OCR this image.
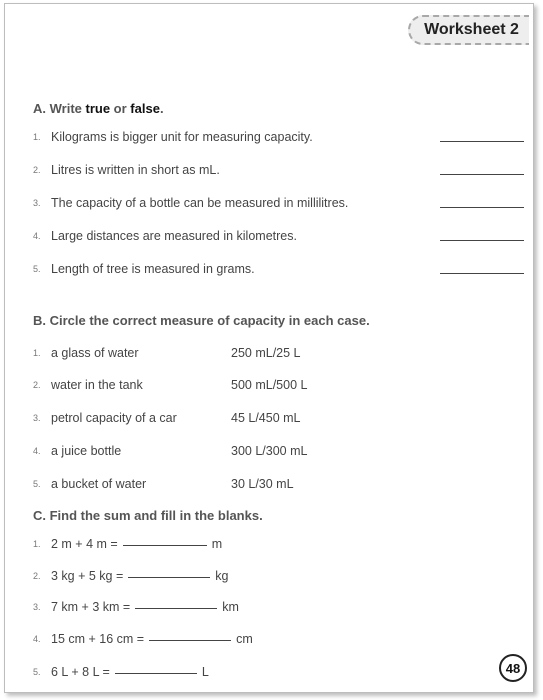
Worksheet 2
A. Write true or false.
1. Kilograms is bigger unit for measuring capacity.
2. Litres is written in short as mL.
3. The capacity of a bottle can be measured in millilitres.
4. Large distances are measured in kilometres.
5. Length of tree is measured in grams.
B. Circle the correct measure of capacity in each case.
1. a glass of water	250 mL/25 L
2. water in the tank	500 mL/500 L
3. petrol capacity of a car	45 L/450 mL
4. a juice bottle	300 L/300 mL
5. a bucket of water	30 L/30 mL
C. Find the sum and fill in the blanks.
1. 2 m + 4 m =	m
2. 3 kg + 5 kg =	kg
3. 7 km + 3 km =	km
4. 15 cm + 16 cm =	cm
5. 6 L + 8 L =	L	48
